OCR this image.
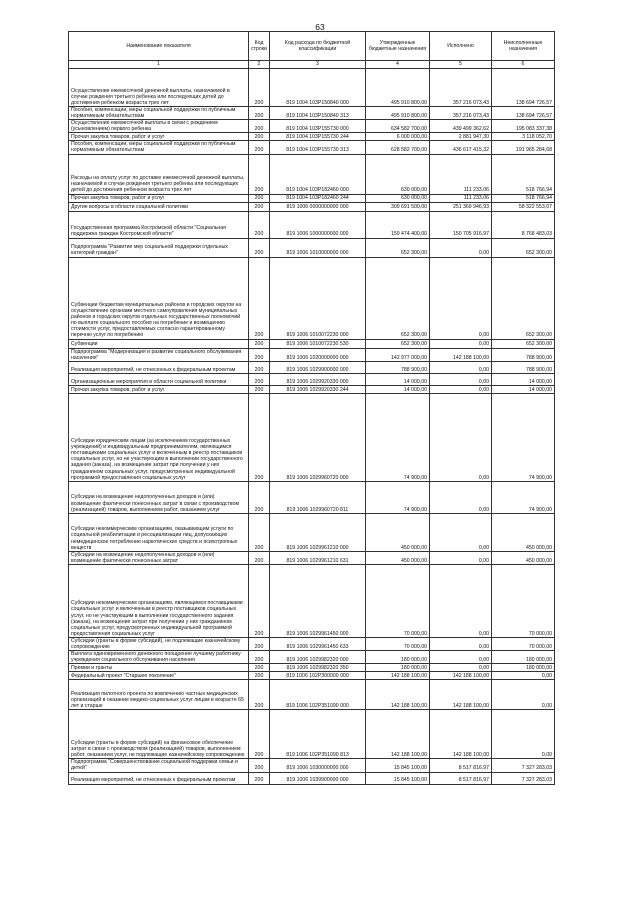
63
Наименование показателя	Код строки	Код расхода по бюджетной классификации	Утвержденные бюджетные назначения	Исполнено	Неисполненные назначения
1	2	3	4	5	6
Осуществление ежемесячной денежной выплаты, назначаемой в случае рождения третьего ребенка или последующих детей до достижения ребенком возраста трех лет	200	819 1004 103P150840 000	495 910 800,00	357 216 073,43	138 694 726,57
Пособия, компенсации, меры социальной поддержки по публичным нормативным обязательствам	200	819 1004 103P150840 313	495 910 800,00	357 216 073,43	138 694 726,57
Осуществление ежемесячной выплаты в связи с рождением (усыновлением) первого ребенка	200	819 1004 103P155730 000	634 582 700,00	439 499 362,62	195 083 337,38
Прочая закупка товаров, работ и услуг	200	819 1004 103P155730 244	6 000 000,00	2 881 947,30	3 118 052,70
Пособия, компенсации, меры социальной поддержки по публичным нормативным обязательствам	200	819 1004 103P155730 313	628 582 700,00	436 617 415,32	191 965 284,68
Расходы на оплату услуг по доставке ежемесячной денежной выплаты, назначаемой в случае рождения третьего ребенка или последующих детей до достижения ребенком возраста трех лет	200	819 1004 103P182460 000	630 000,00	111 233,06	518 766,94
Прочая закупка товаров, работ и услуг	200	819 1004 103P182460 244	630 000,00	111 233,06	518 766,94
Другие вопросы в области социальной политики	200	819 1006 0000000000 000	309 691 500,00	251 369 946,93	58 322 553,07
Государственная программа Костромской области "Социальная поддержка граждан Костромской области"	200	819 1006 1000000000 000	159 474 400,00	150 705 916,97	8 768 483,03
Подпрограмма "Развитие мер социальной поддержки отдельных категорий граждан"	200	819 1006 1010000000 000	652 300,00	0,00	652 300,00
Субвенции бюджетам муниципальных районов и городских округов на осуществление органами местного самоуправления муниципальных районов и городских округов отдельных государственных полномочий по выплате социального пособия на погребение и возмещению стоимости услуг, предоставляемых согласно гарантированному перечню услуг по погребению	200	819 1006 1010072230 000	652 300,00	0,00	652 300,00
Субвенции	200	819 1006 1010072230 530	652 300,00	0,00	652 300,00
Подпрограмма "Модернизация и развитие социального обслуживания населения"	200	819 1006 1020000000 000	142 977 000,00	142 188 100,00	788 900,00
Реализация мероприятий, не отнесенных к федеральным проектам	200	819 1006 1029900000 000	788 900,00	0,00	788 900,00
Организационные мероприятия в области социальной политики	200	819 1006 1029920330 000	14 000,00	0,00	14 000,00
Прочая закупка товаров, работ и услуг	200	819 1006 1029920330 244	14 000,00	0,00	14 000,00
Субсидии юридическим лицам (за исключением государственных учреждений) и индивидуальным предпринимателям, являющимся поставщиками социальных услуг и включенным в реестр поставщиков социальных услуг, но не участвующим в выполнении государственного задания (заказа), на возмещение затрат при получении у них гражданином социальных услуг, предусмотренных индивидуальной программой предоставления социальных услуг	200	819 1006 1029960720 000	74 900,00	0,00	74 900,00
Субсидии на возмещение недополученных доходов и (или) возмещение фактически понесенных затрат в связи с производством (реализацией) товаров, выполнением работ, оказанием услуг	200	819 1006 1029960720 811	74 900,00	0,00	74 900,00
Субсидии некоммерческим организациям, оказывающим услуги по социальной реабилитации и ресоциализации лиц, допускающих немедицинское потребление наркотических средств и психотропных веществ	200	819 1006 1029961210 000	450 000,00	0,00	450 000,00
Субсидии на возмещение недополученных доходов и (или) возмещение фактически понесенных затрат	200	819 1006 1029961210 631	450 000,00	0,00	450 000,00
Субсидии некоммерческим организациям, являющимся поставщиками социальных услуг и включенным в реестр поставщиков социальных услуг, но не участвующим в выполнении государственного задания (заказа), на возмещение затрат при получении у них гражданином социальных услуг, предусмотренных индивидуальной программой предоставления социальных услуг	200	819 1006 1029961450 000	70 000,00	0,00	70 000,00
Субсидии (гранты в форме субсидий), не подлежащие казначейскому сопровождению	200	819 1006 1029961450 633	70 000,00	0,00	70 000,00
Выплата единовременного денежного поощрения лучшему работнику учреждения социального обслуживания населения	200	819 1006 1029982320 000	180 000,00	0,00	180 000,00
Премии и гранты	200	819 1006 1029982320 350	180 000,00	0,00	180 000,00
Федеральный проект "Старшее поколение"	200	819 1006 102P300000 000	142 188 100,00	142 188 100,00	0,00
Реализация пилотного проекта по вовлечению частных медицинских организаций в оказание медико-социальных услуг лицам в возрасте 65 лет и старше	200	819 1006 102P351090 000	142 188 100,00	142 188 100,00	0,00
Субсидии (гранты в форме субсидий) на финансовое обеспечение затрат в связи с производством (реализацией) товаров, выполнением работ, оказанием услуг, не подлежащие казначейскому сопровождению	200	819 1006 102P351090 813	142 188 100,00	142 188 100,00	0,00
Подпрограмма "Совершенствование социальной поддержки семьи и детей"	200	819 1006 1030000000 000	15 845 100,00	8 517 816,97	7 327 283,03
Реализация мероприятий, не отнесенных к федеральным проектам	200	819 1006 1039900000 000	15 845 100,00	8 517 816,97	7 327 283,03
